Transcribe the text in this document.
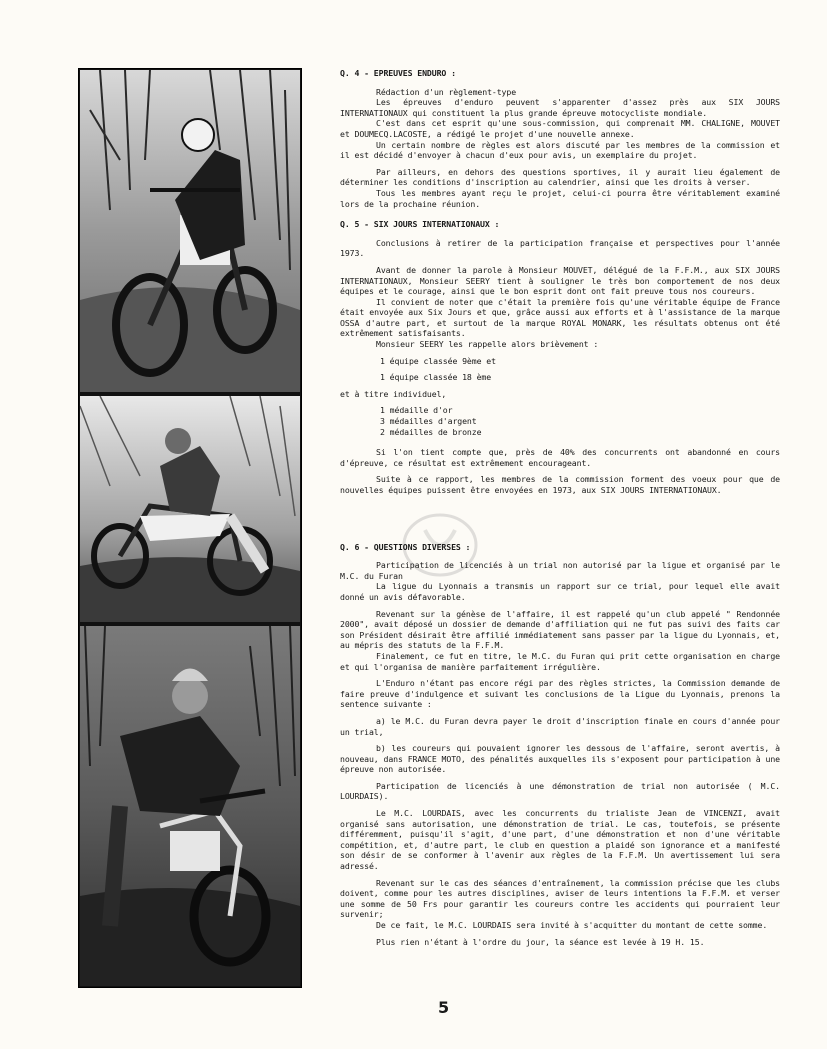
Q. 4 - EPREUVES ENDURO :

Rédaction d'un règlement-type

Les épreuves d'enduro peuvent s'apparenter d'assez près aux SIX JOURS INTERNATIONAUX qui constituent la plus grande épreuve motocycliste mondiale.

C'est dans cet esprit qu'une sous-commission, qui comprenait MM. CHALIGNE, MOUVET et DOUMECQ.LACOSTE, a rédigé le projet d'une nouvelle annexe.

Un certain nombre de règles est alors discuté par les membres de la commission et il est décidé d'envoyer à chacun d'eux pour avis, un exemplaire du projet.

Par ailleurs, en dehors des questions sportives, il y aurait lieu également de déterminer les conditions d'inscription au calendrier, ainsi que les droits à verser.

Tous les membres ayant reçu le projet, celui-ci pourra être véritablement examiné lors de la prochaine réunion.

Q. 5 - SIX JOURS INTERNATIONAUX :

Conclusions à retirer de la participation française et perspectives pour l'année 1973.

Avant de donner la parole à Monsieur MOUVET, délégué de la F.F.M., aux SIX JOURS INTERNATIONAUX, Monsieur SEERY tient à souligner le très bon comportement de nos deux équipes et le courage, ainsi que le bon esprit dont ont fait preuve tous nos coureurs.

Il convient de noter que c'était la première fois qu'une véritable équipe de France était envoyée aux Six Jours et que, grâce aussi aux efforts et à l'assistance de la marque OSSA d'autre part, et surtout de la marque ROYAL MONARK, les résultats obtenus ont été extrêmement satisfaisants.

Monsieur SEERY les rappelle alors brièvement :

1 équipe classée 9ème et

1 équipe classée 18 ème

et à titre individuel,

1 médaille d'or

3 médailles d'argent

2 médailles de bronze

Si l'on tient compte que, près de 40% des concurrents ont abandonné en cours d'épreuve, ce résultat est extrêmement encourageant.

Suite à ce rapport, les membres de la commission forment des voeux pour que de nouvelles équipes puissent être envoyées en 1973, aux SIX JOURS INTERNATIONAUX.

Q. 6 - QUESTIONS DIVERSES :

Participation de licenciés à un trial non autorisé par la ligue et organisé par le M.C. du Furan

La ligue du Lyonnais a transmis un rapport sur ce trial, pour lequel elle avait donné un avis défavorable.

Revenant sur la génèse de l'affaire, il est rappelé qu'un club appelé " Rendonnée 2000", avait déposé un dossier de demande d'affiliation qui ne fut pas suivi des faits car son Président désirait être affilié immédiatement sans passer par la ligue du Lyonnais, et, au mépris des statuts de la F.F.M.

Finalement, ce fut en titre, le M.C. du Furan qui prit cette organisation en charge et qui l'organisa de manière parfaitement irrégulière.

L'Enduro n'étant pas encore régi par des règles strictes, la Commission demande de faire preuve d'indulgence et suivant les conclusions de la Ligue du Lyonnais, prenons la sentence suivante :

a) le M.C. du Furan devra payer le droit d'inscription finale en cours d'année pour un trial,

b) les coureurs qui pouvaient ignorer les dessous de l'affaire, seront avertis, à nouveau, dans FRANCE MOTO, des pénalités auxquelles ils s'exposent pour participation à une épreuve non autorisée.

Participation de licenciés à une démonstration de trial non autorisée ( M.C. LOURDAIS).

Le M.C. LOURDAIS, avec les concurrents du trialiste Jean de VINCENZI, avait organisé sans autorisation, une démonstration de trial. Le cas, toutefois, se présente différemment, puisqu'il s'agit, d'une part, d'une démonstration et non d'une véritable compétition, et, d'autre part, le club en question a plaidé son ignorance et a manifesté son désir de se conformer à l'avenir aux règles de la F.F.M. Un avertissement lui sera adressé.

Revenant sur le cas des séances d'entraînement, la commission précise que les clubs doivent, comme pour les autres disciplines, aviser de leurs intentions la F.F.M. et verser une somme de 50 Frs pour garantir les coureurs contre les accidents qui pourraient leur survenir;

De ce fait, le M.C. LOURDAIS sera invité à s'acquitter du montant de cette somme.

Plus rien n'étant à l'ordre du jour, la séance est levée à 19 H. 15.

5
